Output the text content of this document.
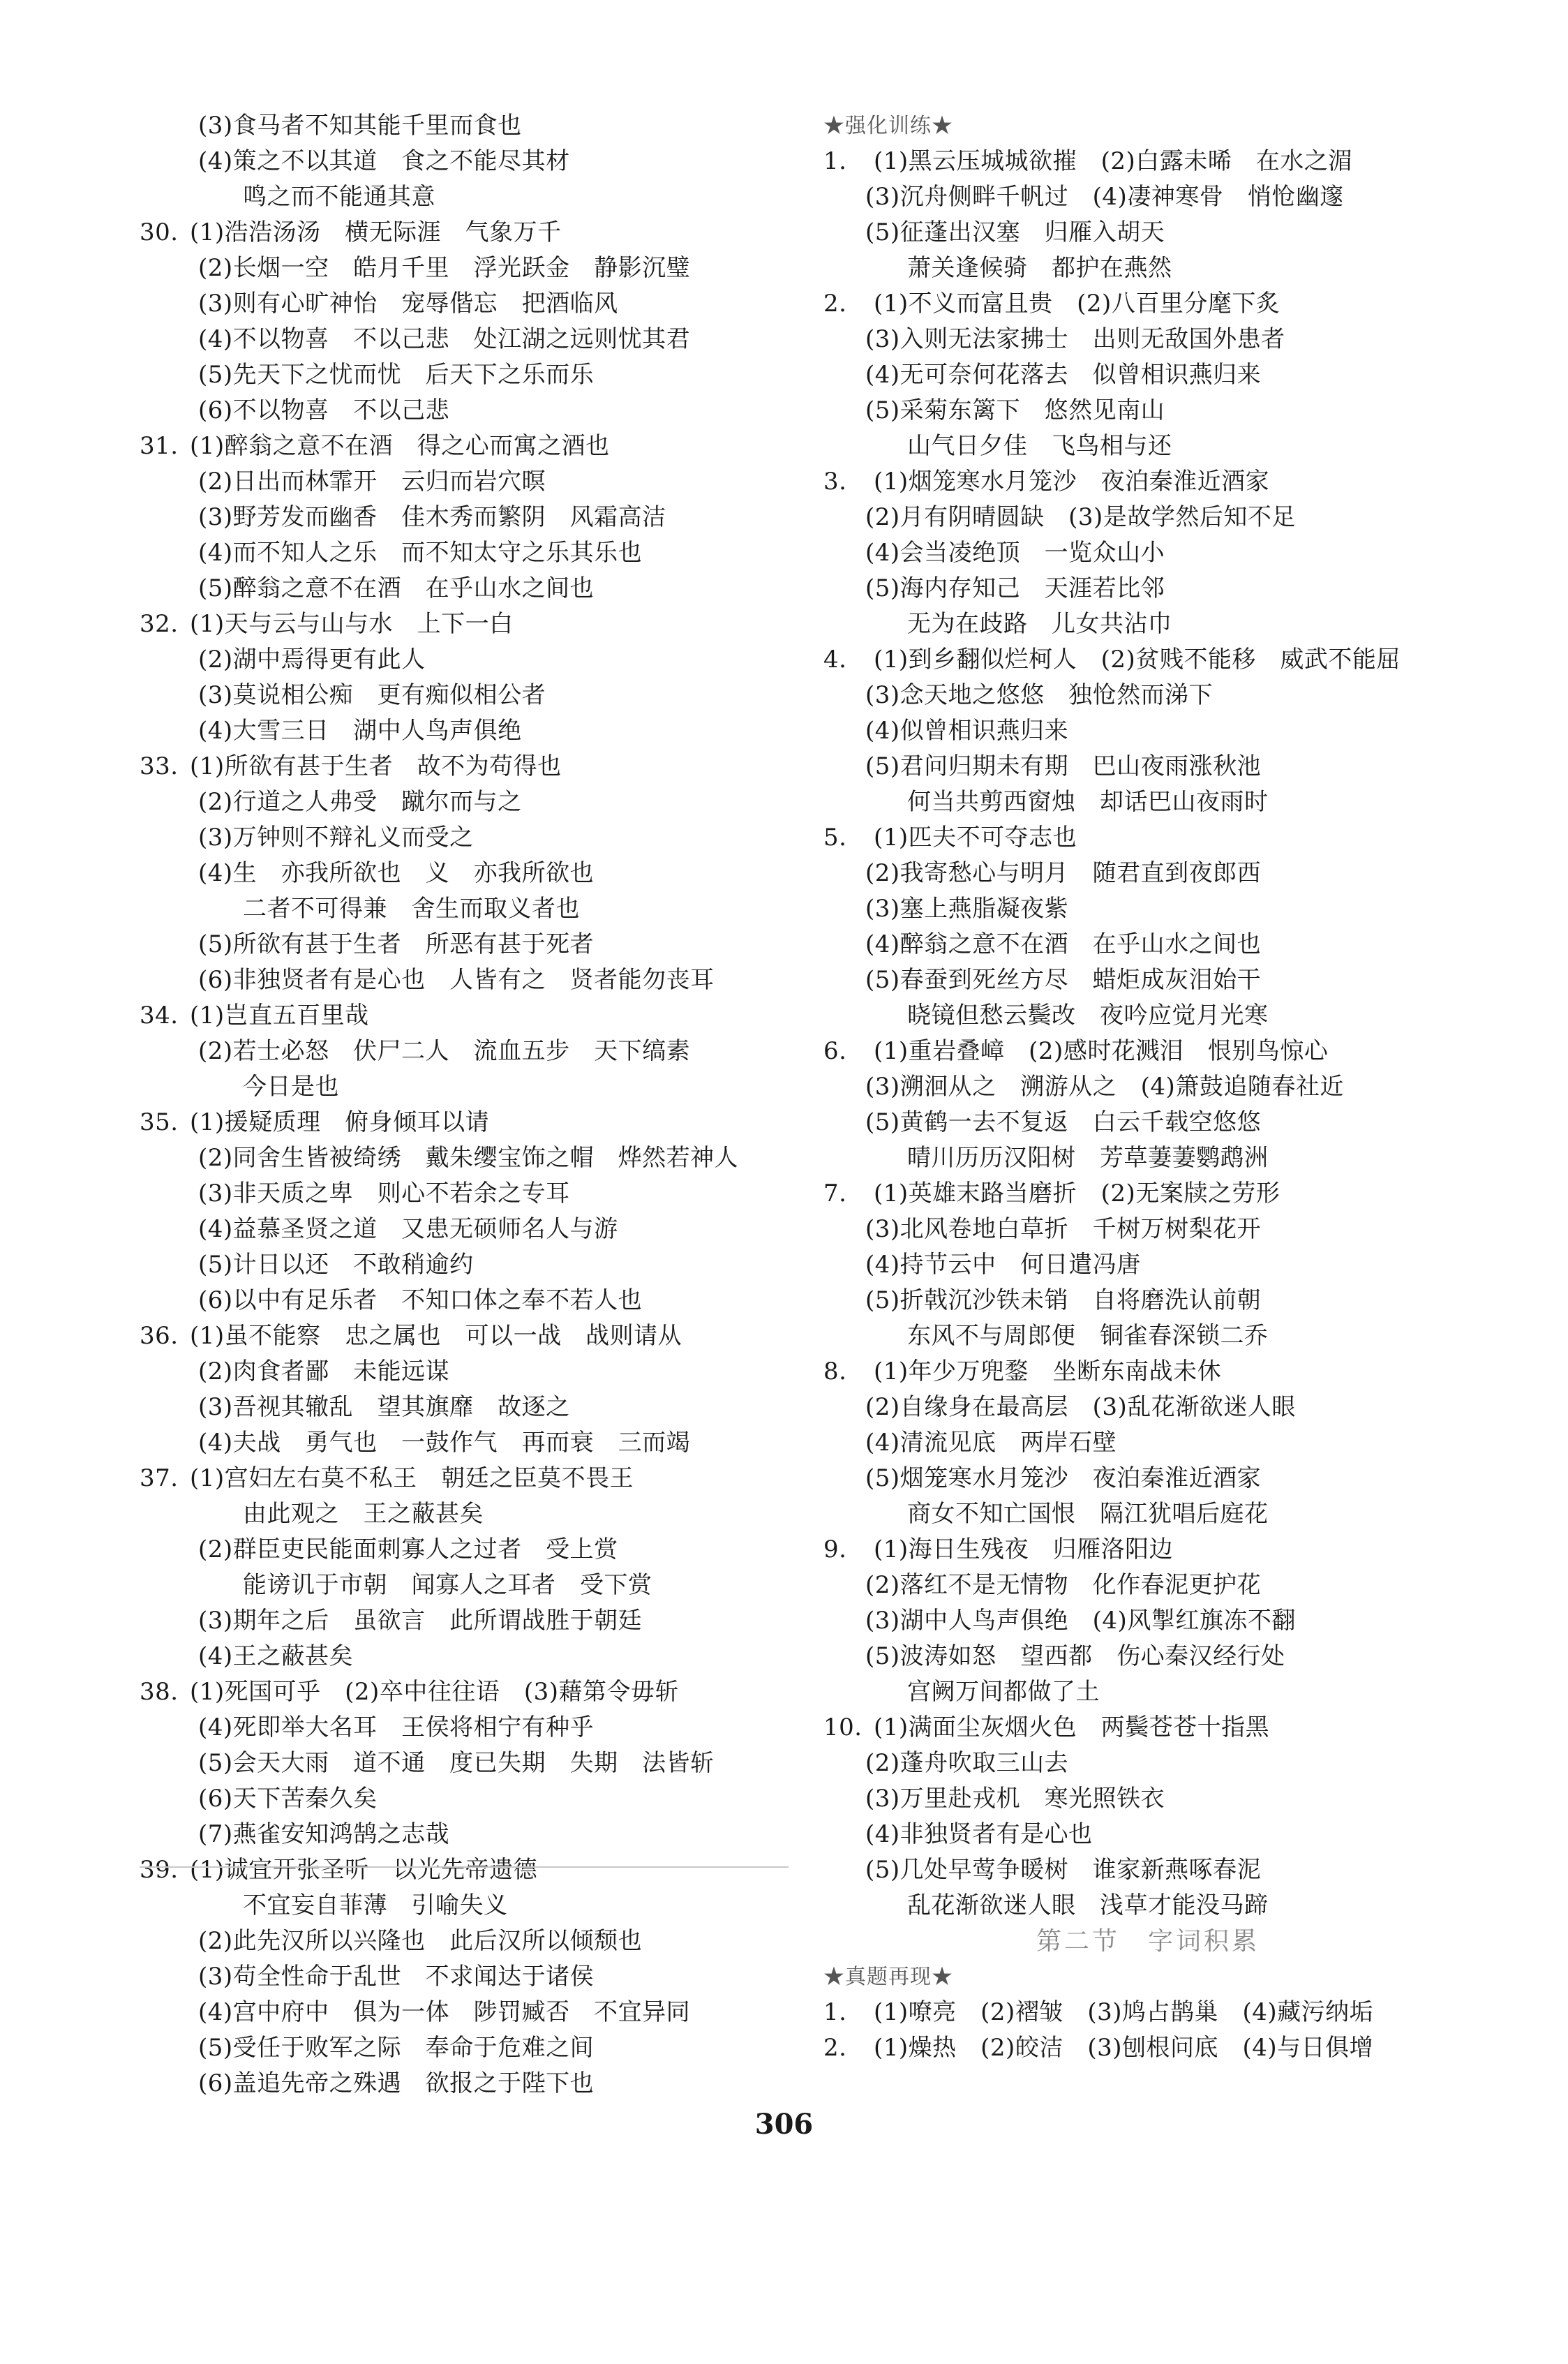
(3)食马者不知其能千里而食也
(4)策之不以其道　食之不能尽其材
鸣之而不能通其意
30. (1)浩浩汤汤　横无际涯　气象万千
(2)长烟一空　皓月千里　浮光跃金　静影沉璧
(3)则有心旷神怡　宠辱偕忘　把酒临风
(4)不以物喜　不以己悲　处江湖之远则忧其君
(5)先天下之忧而忧　后天下之乐而乐
(6)不以物喜　不以己悲
31. (1)醉翁之意不在酒　得之心而寓之酒也
(2)日出而林霏开　云归而岩穴暝
(3)野芳发而幽香　佳木秀而繁阴　风霜高洁
(4)而不知人之乐　而不知太守之乐其乐也
(5)醉翁之意不在酒　在乎山水之间也
32. (1)天与云与山与水　上下一白
(2)湖中焉得更有此人
(3)莫说相公痴　更有痴似相公者
(4)大雪三日　湖中人鸟声俱绝
33. (1)所欲有甚于生者　故不为苟得也
(2)行道之人弗受　蹴尔而与之
(3)万钟则不辩礼义而受之
(4)生　亦我所欲也　义　亦我所欲也
二者不可得兼　舍生而取义者也
(5)所欲有甚于生者　所恶有甚于死者
(6)非独贤者有是心也　人皆有之　贤者能勿丧耳
34. (1)岂直五百里哉
(2)若士必怒　伏尸二人　流血五步　天下缟素
今日是也
35. (1)援疑质理　俯身倾耳以请
(2)同舍生皆被绮绣　戴朱缨宝饰之帽　烨然若神人
(3)非天质之卑　则心不若余之专耳
(4)益慕圣贤之道　又患无硕师名人与游
(5)计日以还　不敢稍逾约
(6)以中有足乐者　不知口体之奉不若人也
36. (1)虽不能察　忠之属也　可以一战　战则请从
(2)肉食者鄙　未能远谋
(3)吾视其辙乱　望其旗靡　故逐之
(4)夫战　勇气也　一鼓作气　再而衰　三而竭
37. (1)宫妇左右莫不私王　朝廷之臣莫不畏王
由此观之　王之蔽甚矣
(2)群臣吏民能面刺寡人之过者　受上赏
能谤讥于市朝　闻寡人之耳者　受下赏
(3)期年之后　虽欲言　此所谓战胜于朝廷
(4)王之蔽甚矣
38. (1)死国可乎　(2)卒中往往语　(3)藉第令毋斩
(4)死即举大名耳　王侯将相宁有种乎
(5)会天大雨　道不通　度已失期　失期　法皆斩
(6)天下苦秦久矣
(7)燕雀安知鸿鹄之志哉
39. (1)诚宜开张圣听　以光先帝遗德
不宜妄自菲薄　引喻失义
(2)此先汉所以兴隆也　此后汉所以倾颓也
(3)苟全性命于乱世　不求闻达于诸侯
(4)宫中府中　俱为一体　陟罚臧否　不宜异同
(5)受任于败军之际　奉命于危难之间
(6)盖追先帝之殊遇　欲报之于陛下也
★强化训练★
1. (1)黑云压城城欲摧　(2)白露未晞　在水之湄
(3)沉舟侧畔千帆过　(4)凄神寒骨　悄怆幽邃
(5)征蓬出汉塞　归雁入胡天
萧关逢候骑　都护在燕然
2. (1)不义而富且贵　(2)八百里分麾下炙
(3)入则无法家拂士　出则无敌国外患者
(4)无可奈何花落去　似曾相识燕归来
(5)采菊东篱下　悠然见南山
山气日夕佳　飞鸟相与还
3. (1)烟笼寒水月笼沙　夜泊秦淮近酒家
(2)月有阴晴圆缺　(3)是故学然后知不足
(4)会当凌绝顶　一览众山小
(5)海内存知己　天涯若比邻
无为在歧路　儿女共沾巾
4. (1)到乡翻似烂柯人　(2)贫贱不能移　威武不能屈
(3)念天地之悠悠　独怆然而涕下
(4)似曾相识燕归来
(5)君问归期未有期　巴山夜雨涨秋池
何当共剪西窗烛　却话巴山夜雨时
5. (1)匹夫不可夺志也
(2)我寄愁心与明月　随君直到夜郎西
(3)塞上燕脂凝夜紫
(4)醉翁之意不在酒　在乎山水之间也
(5)春蚕到死丝方尽　蜡炬成灰泪始干
晓镜但愁云鬓改　夜吟应觉月光寒
6. (1)重岩叠嶂　(2)感时花溅泪　恨别鸟惊心
(3)溯洄从之　溯游从之　(4)箫鼓追随春社近
(5)黄鹤一去不复返　白云千载空悠悠
晴川历历汉阳树　芳草萋萋鹦鹉洲
7. (1)英雄末路当磨折　(2)无案牍之劳形
(3)北风卷地白草折　千树万树梨花开
(4)持节云中　何日遣冯唐
(5)折戟沉沙铁未销　自将磨洗认前朝
东风不与周郎便　铜雀春深锁二乔
8. (1)年少万兜鍪　坐断东南战未休
(2)自缘身在最高层　(3)乱花渐欲迷人眼
(4)清流见底　两岸石壁
(5)烟笼寒水月笼沙　夜泊秦淮近酒家
商女不知亡国恨　隔江犹唱后庭花
9. (1)海日生残夜　归雁洛阳边
(2)落红不是无情物　化作春泥更护花
(3)湖中人鸟声俱绝　(4)风掣红旗冻不翻
(5)波涛如怒　望西都　伤心秦汉经行处
宫阙万间都做了土
10. (1)满面尘灰烟火色　两鬓苍苍十指黑
(2)蓬舟吹取三山去
(3)万里赴戎机　寒光照铁衣
(4)非独贤者有是心也
(5)几处早莺争暖树　谁家新燕啄春泥
乱花渐欲迷人眼　浅草才能没马蹄
第二节　字词积累
★真题再现★
1. (1)嘹亮　(2)褶皱　(3)鸠占鹊巢　(4)藏污纳垢
2. (1)燥热　(2)皎洁　(3)刨根问底　(4)与日俱增
306
